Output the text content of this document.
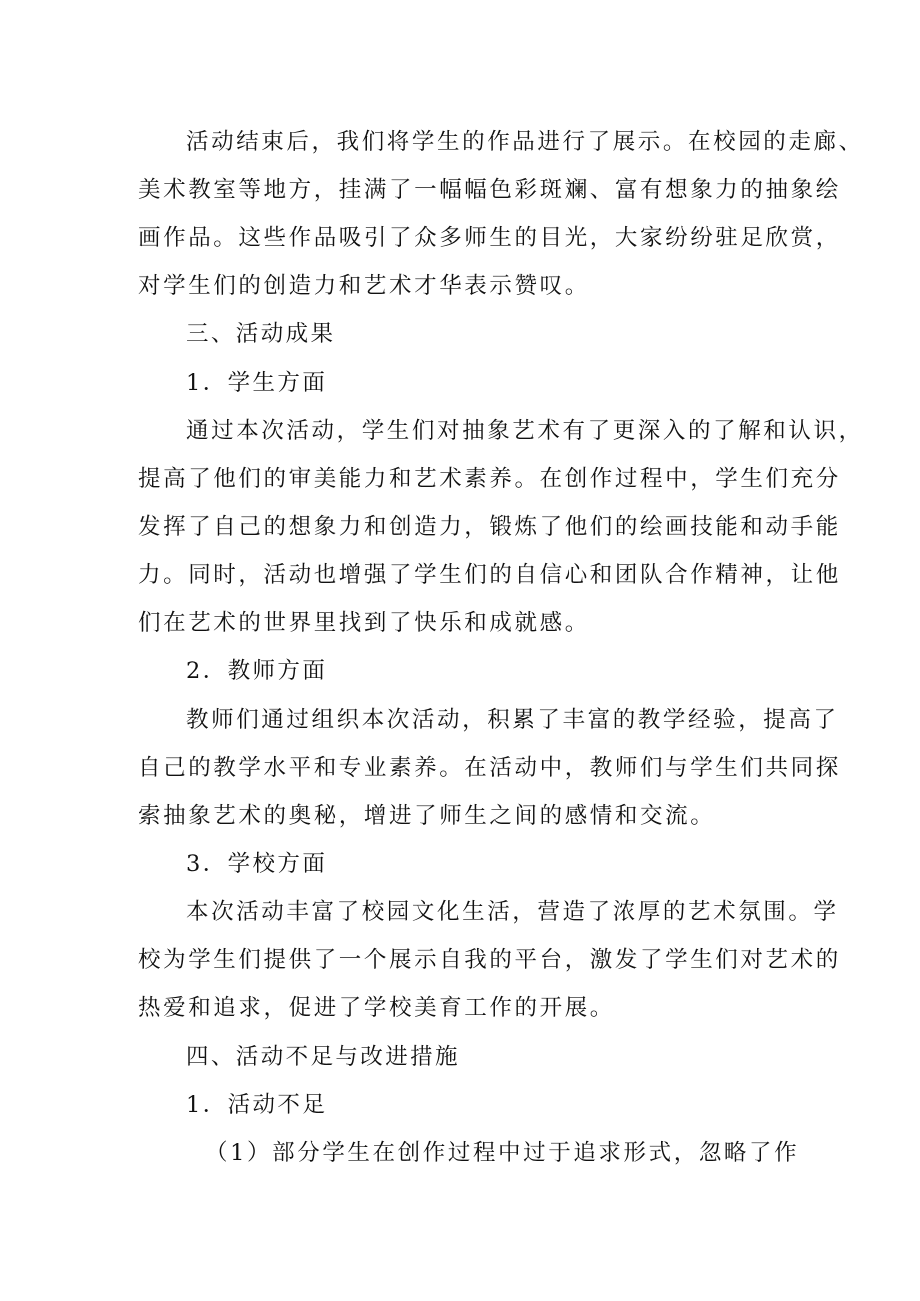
活动结束后，我们将学生的作品进行了展示。在校园的走廊、
美术教室等地方，挂满了一幅幅色彩斑斓、富有想象力的抽象绘
画作品。这些作品吸引了众多师生的目光，大家纷纷驻足欣赏，
对学生们的创造力和艺术才华表示赞叹。
三、活动成果
1．学生方面
通过本次活动，学生们对抽象艺术有了更深入的了解和认识，
提高了他们的审美能力和艺术素养。在创作过程中，学生们充分
发挥了自己的想象力和创造力，锻炼了他们的绘画技能和动手能
力。同时，活动也增强了学生们的自信心和团队合作精神，让他
们在艺术的世界里找到了快乐和成就感。
2．教师方面
教师们通过组织本次活动，积累了丰富的教学经验，提高了
自己的教学水平和专业素养。在活动中，教师们与学生们共同探
索抽象艺术的奥秘，增进了师生之间的感情和交流。
3．学校方面
本次活动丰富了校园文化生活，营造了浓厚的艺术氛围。学
校为学生们提供了一个展示自我的平台，激发了学生们对艺术的
热爱和追求，促进了学校美育工作的开展。
四、活动不足与改进措施
1．活动不足
（1）部分学生在创作过程中过于追求形式，忽略了作
